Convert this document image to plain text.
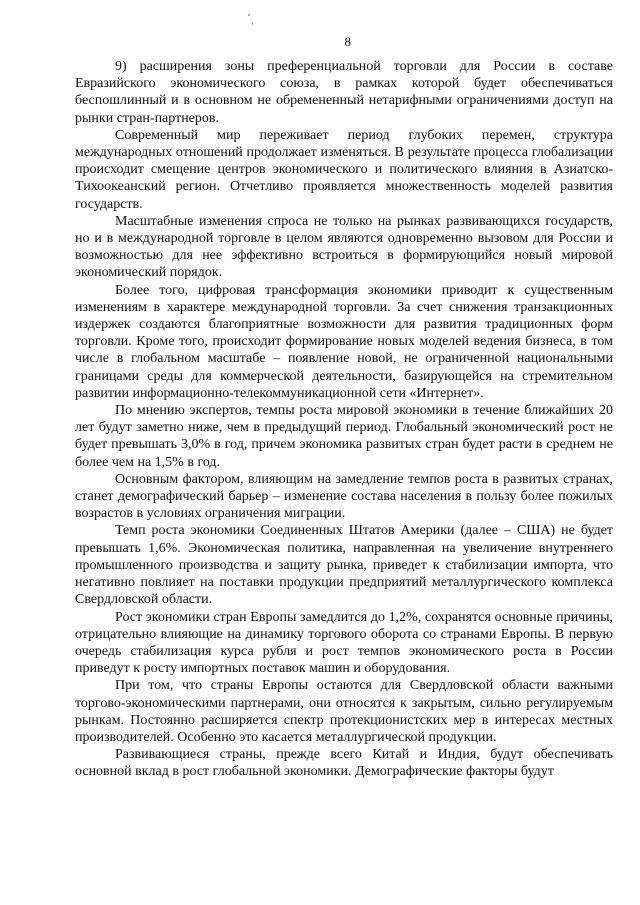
8

9) расширения зоны преференциальной торговли для России в составе Евразийского экономического союза, в рамках которой будет обеспечиваться беспошлинный и в основном не обремененный нетарифными ограничениями доступ на рынки стран-партнеров.

Современный мир переживает период глубоких перемен, структура международных отношений продолжает изменяться. В результате процесса глобализации происходит смещение центров экономического и политического влияния в Азиатско-Тихоокеанский регион. Отчетливо проявляется множественность моделей развития государств.

Масштабные изменения спроса не только на рынках развивающихся государств, но и в международной торговле в целом являются одновременно вызовом для России и возможностью для нее эффективно встроиться в формирующийся новый мировой экономический порядок.

Более того, цифровая трансформация экономики приводит к существенным изменениям в характере международной торговли. За счет снижения транзакционных издержек создаются благоприятные возможности для развития традиционных форм торговли. Кроме того, происходит формирование новых моделей ведения бизнеса, в том числе в глобальном масштабе – появление новой, не ограниченной национальными границами среды для коммерческой деятельности, базирующейся на стремительном развитии информационно-телекоммуникационной сети «Интернет».

По мнению экспертов, темпы роста мировой экономики в течение ближайших 20 лет будут заметно ниже, чем в предыдущий период. Глобальный экономический рост не будет превышать 3,0% в год, причем экономика развитых стран будет расти в среднем не более чем на 1,5% в год.

Основным фактором, влияющим на замедление темпов роста в развитых странах, станет демографический барьер – изменение состава населения в пользу более пожилых возрастов в условиях ограничения миграции.

Темп роста экономики Соединенных Штатов Америки (далее – США) не будет превышать 1,6%. Экономическая политика, направленная на увеличение внутреннего промышленного производства и защиту рынка, приведет к стабилизации импорта, что негативно повлияет на поставки продукции предприятий металлургического комплекса Свердловской области.

Рост экономики стран Европы замедлится до 1,2%, сохранятся основные причины, отрицательно влияющие на динамику торгового оборота со странами Европы. В первую очередь стабилизация курса рубля и рост темпов экономического роста в России приведут к росту импортных поставок машин и оборудования.

При том, что страны Европы остаются для Свердловской области важными торгово-экономическими партнерами, они относятся к закрытым, сильно регулируемым рынкам. Постоянно расширяется спектр протекционистских мер в интересах местных производителей. Особенно это касается металлургической продукции.

Развивающиеся страны, прежде всего Китай и Индия, будут обеспечивать основной вклад в рост глобальной экономики. Демографические факторы будут
